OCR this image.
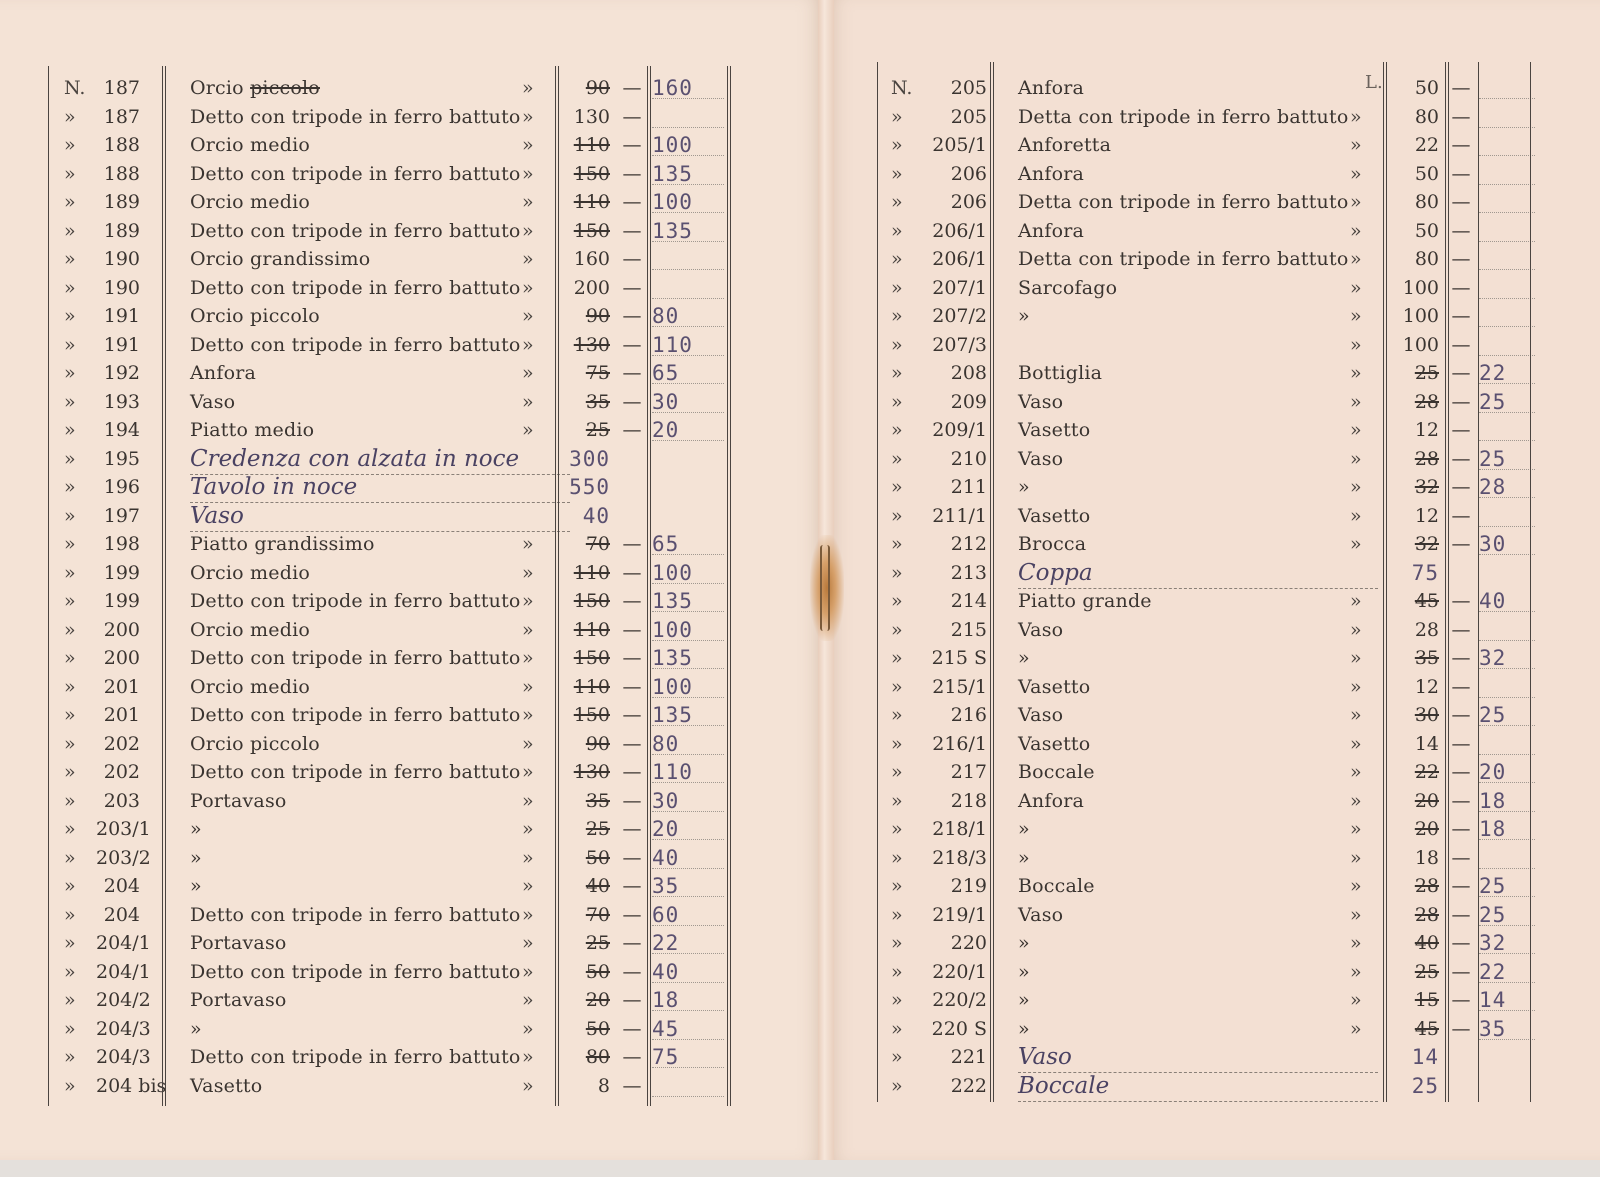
N. 187	Orcio piccolo	»	90 — 160
»	187	Detto con tripode in ferro battuto »	130 —
»	188	Orcio medio	»	110 — 100
»	188	Detto con tripode in ferro battuto »	150 — 135
»	189	Orcio medio	»	110 — 100
»	189	Detto con tripode in ferro battuto »	150 — 135
»	190	Orcio grandissimo	»	160 —
»	190	Detto con tripode in ferro battuto »	200 —
»	191	Orcio piccolo	»	90 — 80
»	191	Detto con tripode in ferro battuto »	130 — 110
»	192	Anfora	»	75 — 65
»	193	Vaso	»	35 — 30
»	194	Piatto medio	»	25 — 20
»	195 Credenza con alzata in noce	300
»	196 Tavolo in noce	550
»	197 Vaso	40
»	198	Piatto grandissimo	»	70 — 65
»	199	Orcio medio	»	110 — 100
»	199	Detto con tripode in ferro battuto »	150 — 135
»	200	Orcio medio	»	110 — 100
»	200	Detto con tripode in ferro battuto »	150 — 135
»	201	Orcio medio	»	110 — 100
»	201	Detto con tripode in ferro battuto »	150 — 135
»	202	Orcio piccolo	»	90 — 80
»	202	Detto con tripode in ferro battuto »	130 — 110
»	203	Portavaso	»	35 — 30
»	203/1 »	»	25 — 20
»	203/2 »	»	50 — 40
»	204	»	»	40 — 35
»	204	Detto con tripode in ferro battuto »	70 — 60
»	204/1 Portavaso	»	25 — 22
»	204/1 Detto con tripode in ferro battuto »	50 — 40
»	204/2 Portavaso	»	20 — 18
»	204/3 »	»	50 — 45
»	204/3 Detto con tripode in ferro battuto »	80 — 75
»	204 bis Vasetto	»	8 —
N.	205 Anfora	50 —
»	205 Detta con tripode in ferro battuto »	80 —
»	205/1 Anforetta	»	22 —
»	206 Anfora	»	50 —
»	206 Detta con tripode in ferro battuto »	80 —
»	206/1 Anfora	»	50 —
»	206/1 Detta con tripode in ferro battuto »	80 —
»	207/1 Sarcofago	»	100 —
»	207/2 »	»	100 —
»	207/3	»	100 —
»	208 Bottiglia	»	25 — 22
»	209 Vaso	»	28 — 25
»	209/1 Vasetto	»	12 —
»	210 Vaso	»	28 — 25
»	211 »	»	32 — 28
»	211/1 Vasetto	»	12 —
»	212 Brocca	»	32 — 30
»	213 Coppa	75
»	214 Piatto grande	»	45 — 40
»	215 Vaso	»	28 —
»	215 S »	»	35 — 32
»	215/1 Vasetto	»	12 —
»	216 Vaso	»	30 — 25
»	216/1 Vasetto	»	14 —
»	217 Boccale	»	22 — 20
»	218 Anfora	»	20 — 18
»	218/1 »	»	20 — 18
»	218/3 »	»	18 —
»	219 Boccale	»	28 — 25
»	219/1 Vaso	»	28 — 25
»	220 »	»	40 — 32
»	220/1 »	»	25 — 22
»	220/2 »	»	15 — 14
»	220 S »	»	45 — 35
»	221 Vaso	14
»	222 Boccale	25
L.
